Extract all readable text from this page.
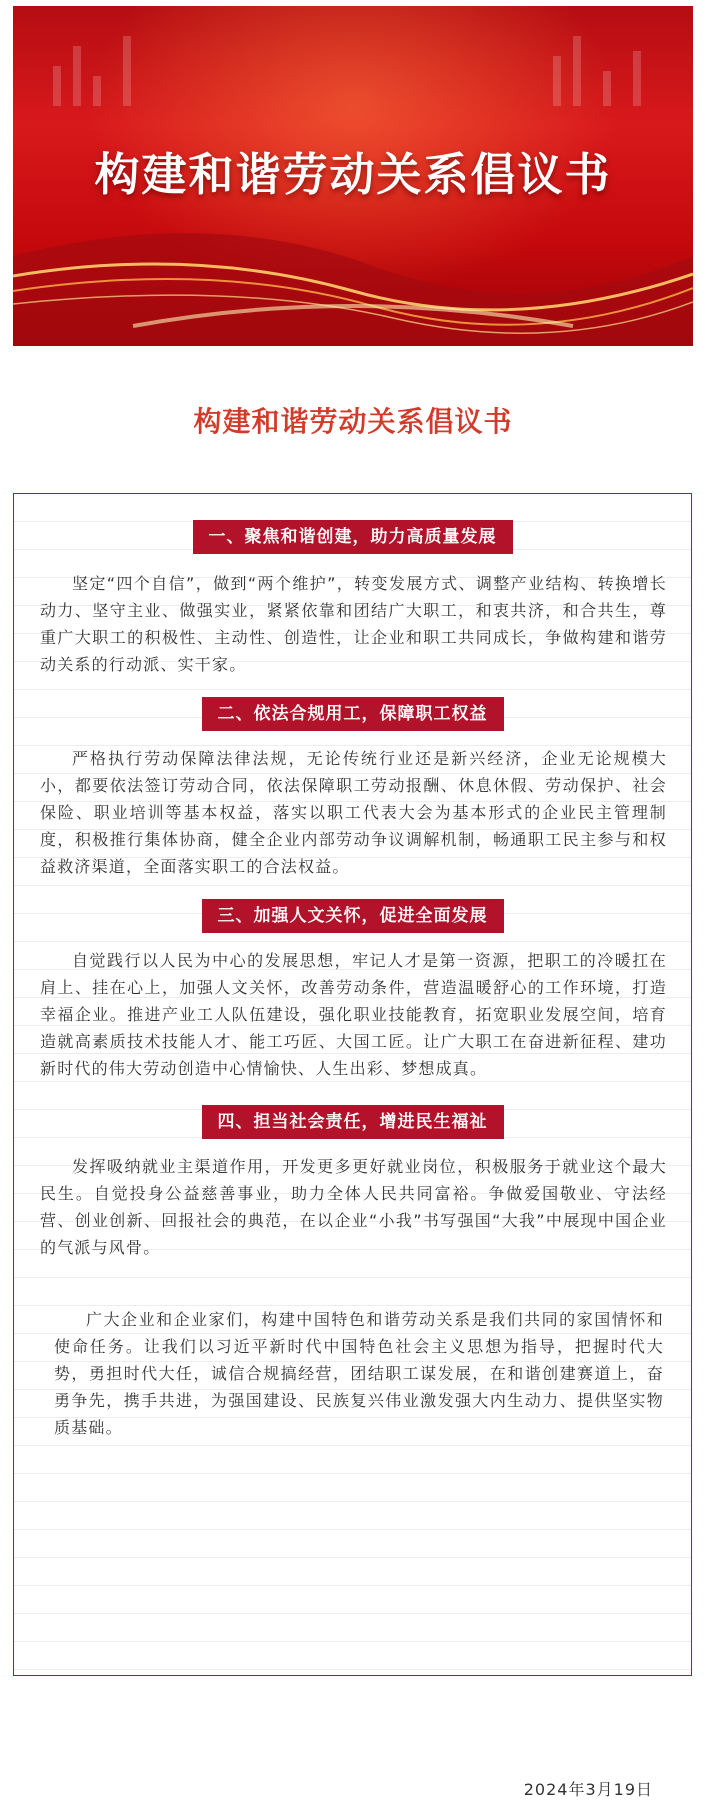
构建和谐劳动关系倡议书
构建和谐劳动关系倡议书
一、聚焦和谐创建，助力高质量发展

坚定“四个自信”，做到“两个维护”，转变发展方式、调整产业结构、转换增长动力、坚守主业、做强实业，紧紧依靠和团结广大职工，和衷共济，和合共生，尊重广大职工的积极性、主动性、创造性，让企业和职工共同成长，争做构建和谐劳动关系的行动派、实干家。

二、依法合规用工，保障职工权益

严格执行劳动保障法律法规，无论传统行业还是新兴经济，企业无论规模大小，都要依法签订劳动合同，依法保障职工劳动报酬、休息休假、劳动保护、社会保险、职业培训等基本权益，落实以职工代表大会为基本形式的企业民主管理制度，积极推行集体协商，健全企业内部劳动争议调解机制，畅通职工民主参与和权益救济渠道，全面落实职工的合法权益。

三、加强人文关怀，促进全面发展

自觉践行以人民为中心的发展思想，牢记人才是第一资源，把职工的冷暖扛在肩上、挂在心上，加强人文关怀，改善劳动条件，营造温暖舒心的工作环境，打造幸福企业。推进产业工人队伍建设，强化职业技能教育，拓宽职业发展空间，培育造就高素质技术技能人才、能工巧匠、大国工匠。让广大职工在奋进新征程、建功新时代的伟大劳动创造中心情愉快、人生出彩、梦想成真。

四、担当社会责任，增进民生福祉

发挥吸纳就业主渠道作用，开发更多更好就业岗位，积极服务于就业这个最大民生。自觉投身公益慈善事业，助力全体人民共同富裕。争做爱国敬业、守法经营、创业创新、回报社会的典范，在以企业“小我”书写强国“大我”中展现中国企业的气派与风骨。

广大企业和企业家们，构建中国特色和谐劳动关系是我们共同的家国情怀和使命任务。让我们以习近平新时代中国特色社会主义思想为指导，把握时代大势，勇担时代大任，诚信合规搞经营，团结职工谋发展，在和谐创建赛道上，奋勇争先，携手共进，为强国建设、民族复兴伟业激发强大内生动力、提供坚实物质基础。

2024年3月19日
